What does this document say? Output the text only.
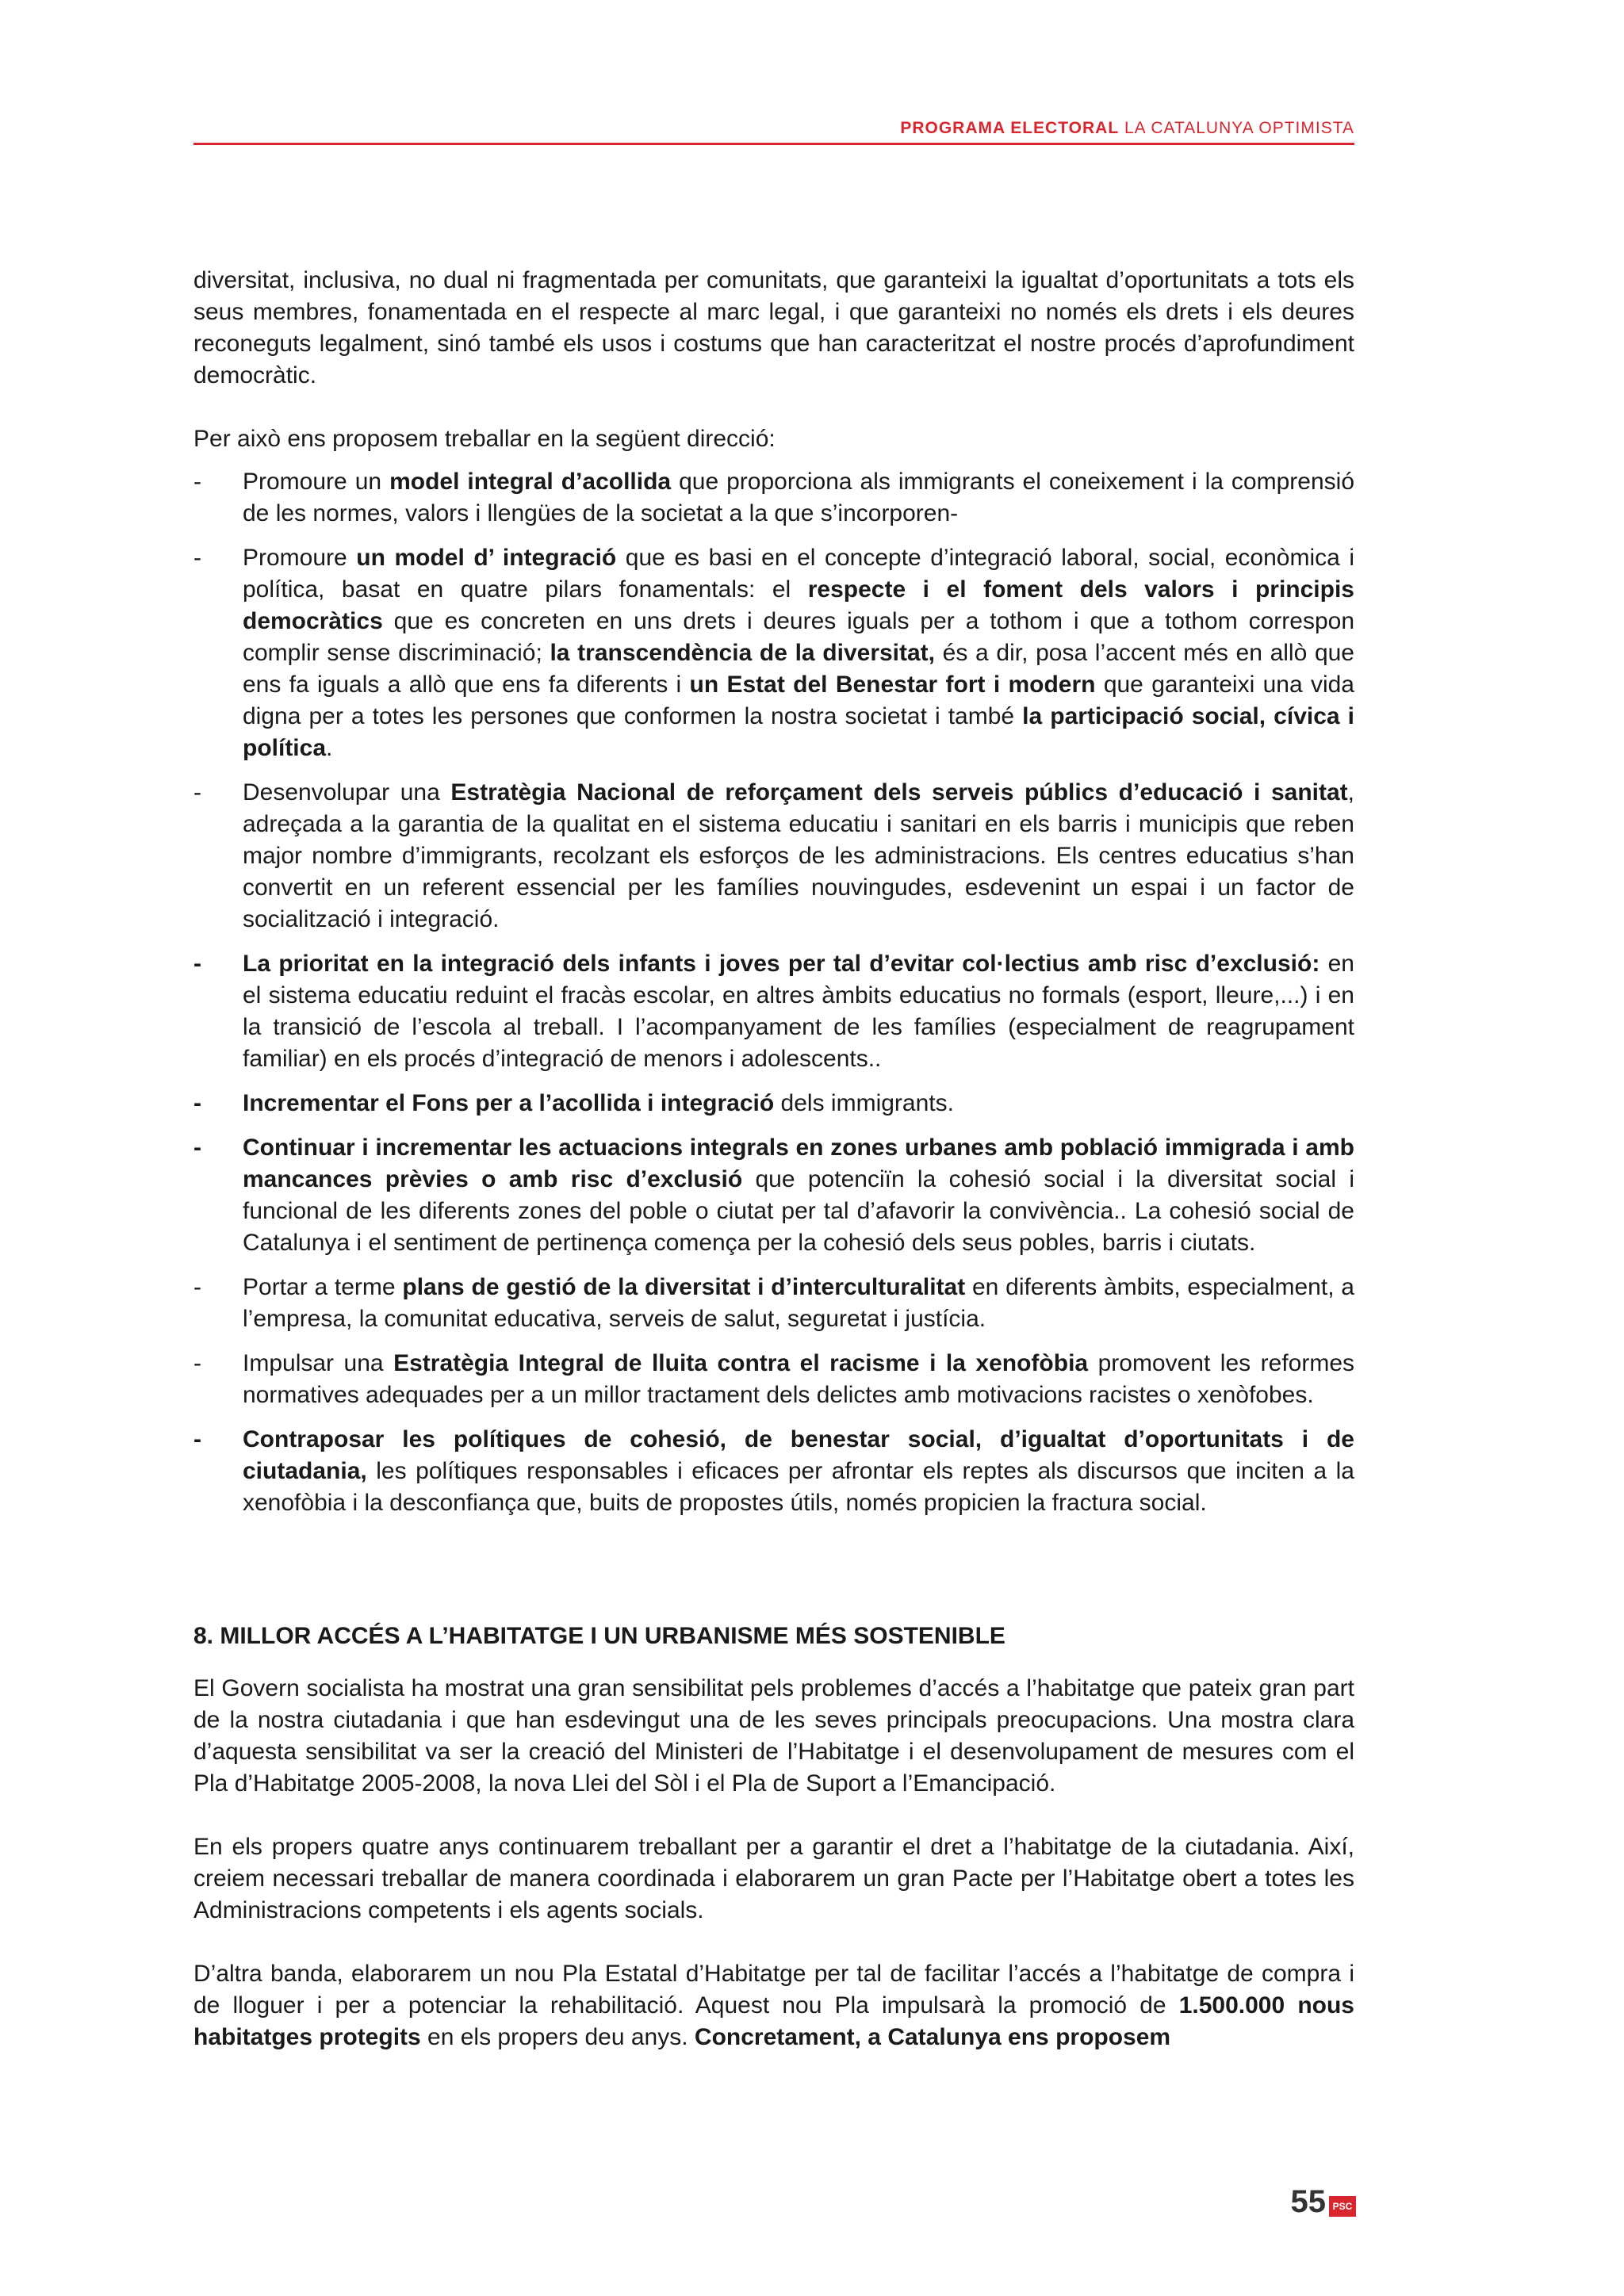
PROGRAMA ELECTORAL LA CATALUNYA OPTIMISTA

diversitat, inclusiva, no dual ni fragmentada per comunitats, que garanteixi la igualtat d’oportunitats a tots els seus membres, fonamentada en el respecte al marc legal, i que garanteixi no només els drets i els deures reconeguts legalment, sinó també els usos i costums que han caracteritzat el nostre procés d’aprofundiment democràtic.

Per això ens proposem treballar en la següent direcció:

- Promoure un model integral d’acollida que proporciona als immigrants el coneixement i la comprensió de les normes, valors i llengües de la societat a la que s’incorporen-
- Promoure un model d’ integració que es basi en el concepte d’integració laboral, social, econòmica i política, basat en quatre pilars fonamentals: el respecte i el foment dels valors i principis democràtics que es concreten en uns drets i deures iguals per a tothom i que a tothom correspon complir sense discriminació; la transcendència de la diversitat, és a dir, posa l’accent més en allò que ens fa iguals a allò que ens fa diferents i un Estat del Benestar fort i modern que garanteixi una vida digna per a totes les persones que conformen la nostra societat i també la participació social, cívica i política.
- Desenvolupar una Estratègia Nacional de reforçament dels serveis públics d’educació i sanitat, adreçada a la garantia de la qualitat en el sistema educatiu i sanitari en els barris i municipis que reben major nombre d’immigrants, recolzant els esforços de les administracions. Els centres educatius s’han convertit en un referent essencial per les famílies nouvingudes, esdevenint un espai i un factor de socialització i integració.
- La prioritat en la integració dels infants i joves per tal d’evitar col·lectius amb risc d’exclusió: en el sistema educatiu reduint el fracàs escolar, en altres àmbits educatius no formals (esport, lleure,...) i en la transició de l’escola al treball. I l’acompanyament de les famílies (especialment de reagrupament familiar) en els procés d’integració de menors i adolescents..
- Incrementar el Fons per a l’acollida i integració dels immigrants.
- Continuar i incrementar les actuacions integrals en zones urbanes amb població immigrada i amb mancances prèvies o amb risc d’exclusió que potenciïn la cohesió social i la diversitat social i funcional de les diferents zones del poble o ciutat per tal d’afavorir la convivència.. La cohesió social de Catalunya i el sentiment de pertinença comença per la cohesió dels seus pobles, barris i ciutats.
- Portar a terme plans de gestió de la diversitat i d’interculturalitat en diferents àmbits, especialment, a l’empresa, la comunitat educativa, serveis de salut, seguretat i justícia.
- Impulsar una Estratègia Integral de lluita contra el racisme i la xenofòbia promovent les reformes normatives adequades per a un millor tractament dels delictes amb motivacions racistes o xenòfobes.
- Contraposar les polítiques de cohesió, de benestar social, d’igualtat d’oportunitats i de ciutadania, les polítiques responsables i eficaces per afrontar els reptes als discursos que inciten a la xenofòbia i la desconfiança que, buits de propostes útils, només propicien la fractura social.
8. MILLOR ACCÉS A L’HABITATGE I UN URBANISME MÉS SOSTENIBLE

El Govern socialista ha mostrat una gran sensibilitat pels problemes d’accés a l’habitatge que pateix gran part de la nostra ciutadania i que han esdevingut una de les seves principals preocupacions. Una mostra clara d’aquesta sensibilitat va ser la creació del Ministeri de l’Habitatge i el desenvolupament de mesures com el Pla d’Habitatge 2005-2008, la nova Llei del Sòl i el Pla de Suport a l’Emancipació.

En els propers quatre anys continuarem treballant per a garantir el dret a l’habitatge de la ciutadania. Així, creiem necessari treballar de manera coordinada i elaborarem un gran Pacte per l’Habitatge obert a totes les Administracions competents i els agents socials.

D’altra banda, elaborarem un nou Pla Estatal d’Habitatge per tal de facilitar l’accés a l’habitatge de compra i de lloguer i per a potenciar la rehabilitació. Aquest nou Pla impulsarà la promoció de 1.500.000 nous habitatges protegits en els propers deu anys. Concretament, a Catalunya ens proposem

55 PSC
